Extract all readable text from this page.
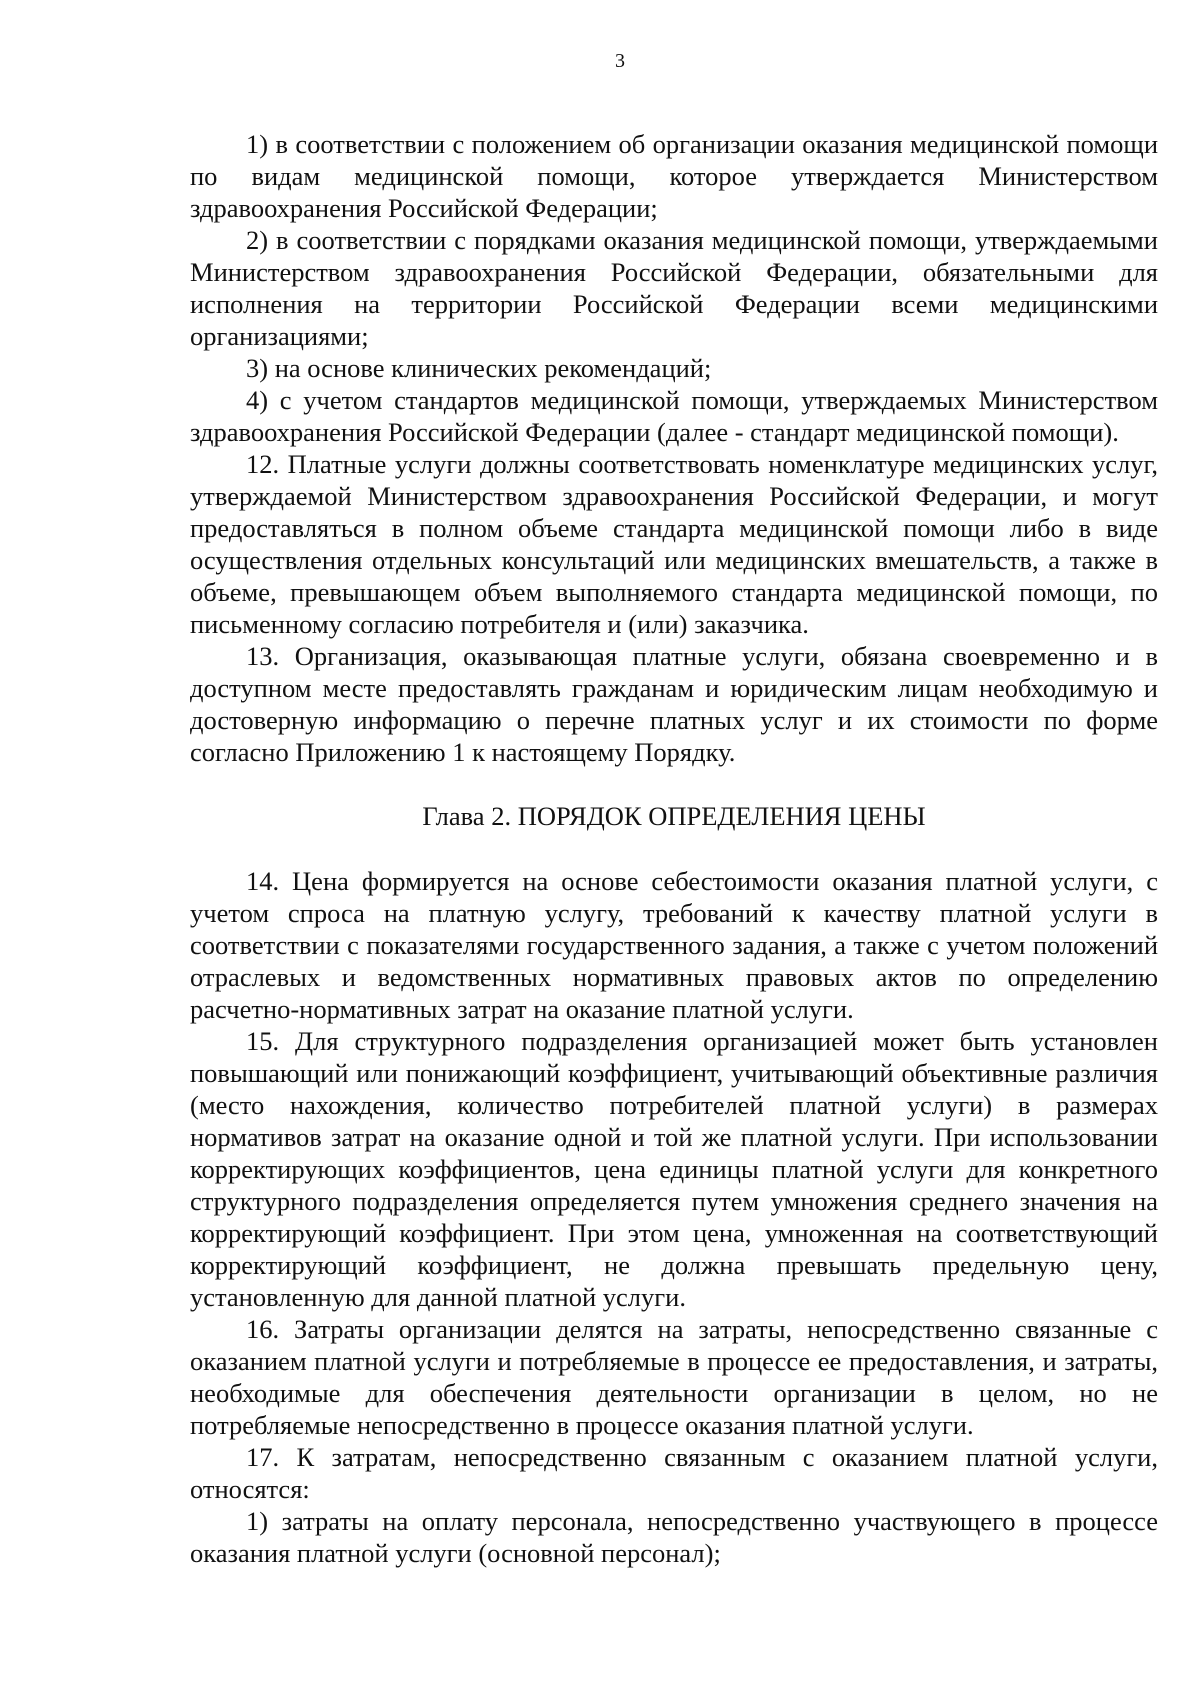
3

1) в соответствии с положением об организации оказания медицинской помощи по видам медицинской помощи, которое утверждается Министерством здравоохранения Российской Федерации;

2) в соответствии с порядками оказания медицинской помощи, утверждаемыми Министерством здравоохранения Российской Федерации, обязательными для исполнения на территории Российской Федерации всеми медицинскими организациями;

3) на основе клинических рекомендаций;

4) с учетом стандартов медицинской помощи, утверждаемых Министерством здравоохранения Российской Федерации (далее - стандарт медицинской помощи).

12. Платные услуги должны соответствовать номенклатуре медицинских услуг, утверждаемой Министерством здравоохранения Российской Федерации, и могут предоставляться в полном объеме стандарта медицинской помощи либо в виде осуществления отдельных консультаций или медицинских вмешательств, а также в объеме, превышающем объем выполняемого стандарта медицинской помощи, по письменному согласию потребителя и (или) заказчика.

13. Организация, оказывающая платные услуги, обязана своевременно и в доступном месте предоставлять гражданам и юридическим лицам необходимую и достоверную информацию о перечне платных услуг и их стоимости по форме согласно Приложению 1 к настоящему Порядку.

Глава 2. ПОРЯДОК ОПРЕДЕЛЕНИЯ ЦЕНЫ

14. Цена формируется на основе себестоимости оказания платной услуги, с учетом спроса на платную услугу, требований к качеству платной услуги в соответствии с показателями государственного задания, а также с учетом положений отраслевых и ведомственных нормативных правовых актов по определению расчетно-нормативных затрат на оказание платной услуги.

15. Для структурного подразделения организацией может быть установлен повышающий или понижающий коэффициент, учитывающий объективные различия (место нахождения, количество потребителей платной услуги) в размерах нормативов затрат на оказание одной и той же платной услуги. При использовании корректирующих коэффициентов, цена единицы платной услуги для конкретного структурного подразделения определяется путем умножения среднего значения на корректирующий коэффициент. При этом цена, умноженная на соответствующий корректирующий коэффициент, не должна превышать предельную цену, установленную для данной платной услуги.

16. Затраты организации делятся на затраты, непосредственно связанные с оказанием платной услуги и потребляемые в процессе ее предоставления, и затраты, необходимые для обеспечения деятельности организации в целом, но не потребляемые непосредственно в процессе оказания платной услуги.

17. К затратам, непосредственно связанным с оказанием платной услуги, относятся:

1) затраты на оплату персонала, непосредственно участвующего в процессе оказания платной услуги (основной персонал);
